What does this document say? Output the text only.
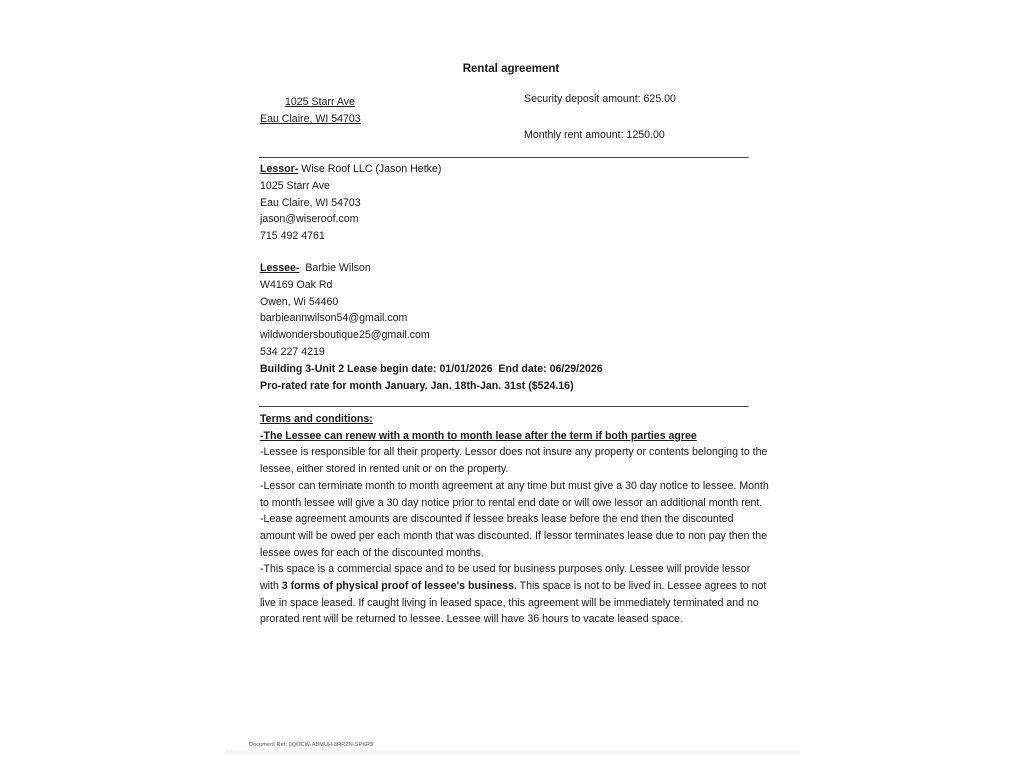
Rental agreement
1025 Starr Ave
Eau Claire, WI 54703
Security deposit amount: 625.00
Monthly rent amount: 1250.00
Lessor- Wise Roof LLC (Jason Hetke)
1025 Starr Ave
Eau Claire, WI 54703
jason@wiseroof.com
715 492 4761
Lessee-  Barbie Wilson
W4169 Oak Rd
Owen, Wi 54460
barbieannwilson54@gmail.com
wildwondersboutique25@gmail.com
534 227 4219
Building 3-Unit 2 Lease begin date: 01/01/2026  End date: 06/29/2026
Pro-rated rate for month January. Jan. 18th-Jan. 31st ($524.16)
Terms and conditions:
-The Lessee can renew with a month to month lease after the term if both parties agree
-Lessee is responsible for all their property. Lessor does not insure any property or contents belonging to the lessee, either stored in rented unit or on the property.
-Lessor can terminate month to month agreement at any time but must give a 30 day notice to lessee. Month to month lessee will give a 30 day notice prior to rental end date or will owe lessor an additional month rent.
-Lease agreement amounts are discounted if lessee breaks lease before the end then the discounted amount will be owed per each month that was discounted. If lessor terminates lease due to non pay then the lessee owes for each of the discounted months.
-This space is a commercial space and to be used for business purposes only. Lessee will provide lessor with 3 forms of physical proof of lessee's business. This space is not to be lived in. Lessee agrees to not live in space leased. If caught living in leased space, this agreement will be immediately terminated and no prorated rent will be returned to lessee. Lessee will have 36 hours to vacate leased space.
Document Ref: 9QOCW-ABMUH-8RRZN-SPKR9
